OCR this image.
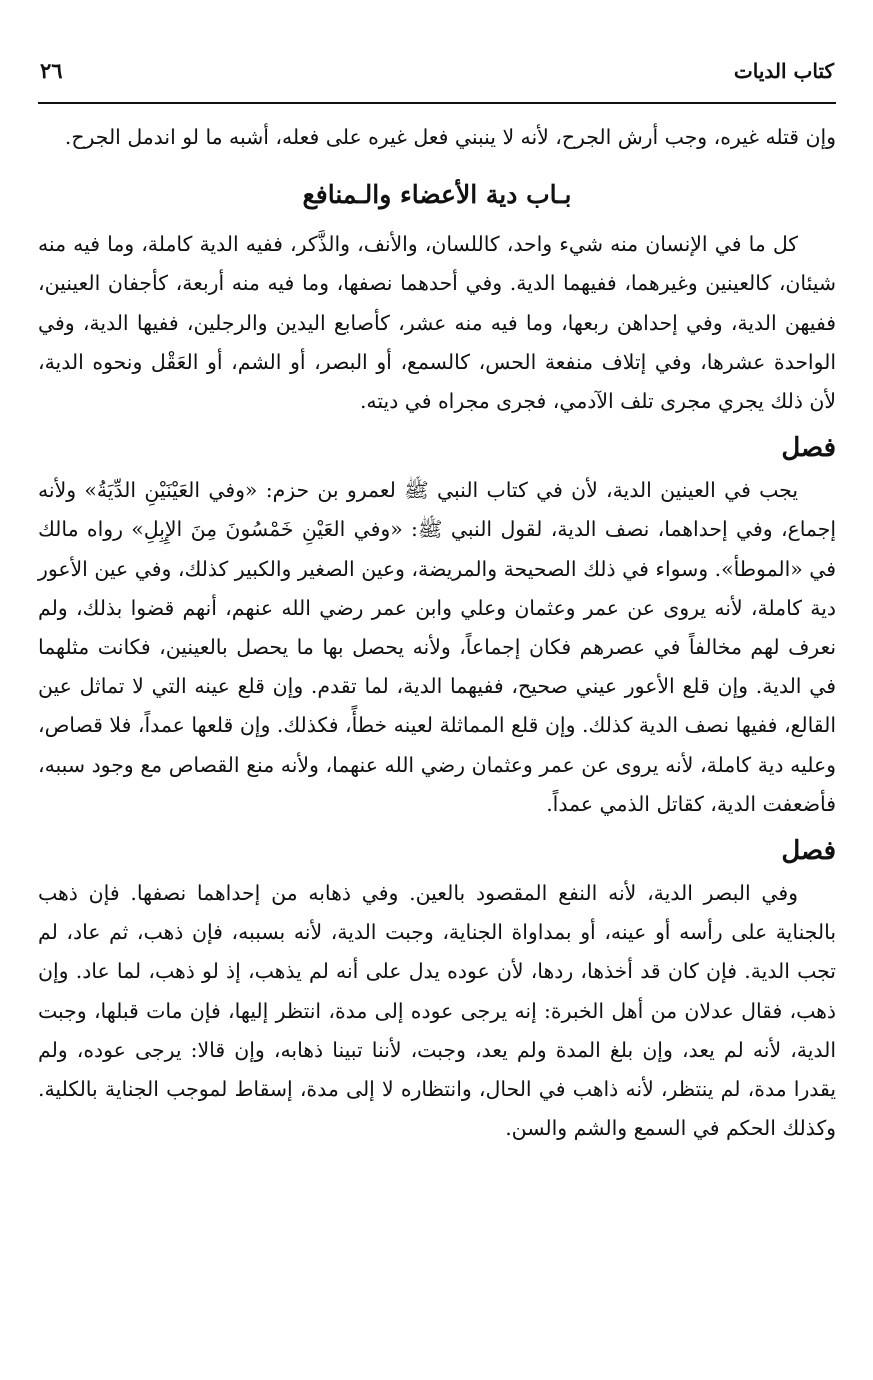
كتاب الديات
٢٦

وإن قتله غيره، وجب أرش الجرح، لأنه لا ينبني فعل غيره على فعله، أشبه ما لو اندمل الجرح.

بـاب دية الأعضاء والـمنافع

كل ما في الإنسان منه شيء واحد، كاللسان، والأنف، والذَّكر، ففيه الدية كاملة، وما فيه منه شيئان، كالعينين وغيرهما، ففيهما الدية. وفي أحدهما نصفها، وما فيه منه أربعة، كأجفان العينين، ففيهن الدية، وفي إحداهن ربعها، وما فيه منه عشر، كأصابع اليدين والرجلين، ففيها الدية، وفي الواحدة عشرها، وفي إتلاف منفعة الحس، كالسمع، أو البصر، أو الشم، أو العَقْل ونحوه الدية، لأن ذلك يجري مجرى تلف الآدمي، فجرى مجراه في ديته.

فصل

يجب في العينين الدية، لأن في كتاب النبي ﷺ لعمرو بن حزم: «وفي العَيْنَيْنِ الدِّيَةُ» ولأنه إجماع، وفي إحداهما، نصف الدية، لقول النبي ﷺ: «وفي العَيْنِ خَمْسُونَ مِنَ الإِبِلِ» رواه مالك في «الموطأ». وسواء في ذلك الصحيحة والمريضة، وعين الصغير والكبير كذلك، وفي عين الأعور دية كاملة، لأنه يروى عن عمر وعثمان وعلي وابن عمر رضي الله عنهم، أنهم قضوا بذلك، ولم نعرف لهم مخالفاً في عصرهم فكان إجماعاً، ولأنه يحصل بها ما يحصل بالعينين، فكانت مثلهما في الدية. وإن قلع الأعور عيني صحيح، ففيهما الدية، لما تقدم. وإن قلع عينه التي لا تماثل عين القالع، ففيها نصف الدية كذلك. وإن قلع المماثلة لعينه خطأً، فكذلك. وإن قلعها عمداً، فلا قصاص، وعليه دية كاملة، لأنه يروى عن عمر وعثمان رضي الله عنهما، ولأنه منع القصاص مع وجود سببه، فأضعفت الدية، كقاتل الذمي عمداً.

فصل

وفي البصر الدية، لأنه النفع المقصود بالعين. وفي ذهابه من إحداهما نصفها. فإن ذهب بالجناية على رأسه أو عينه، أو بمداواة الجناية، وجبت الدية، لأنه بسببه، فإن ذهب، ثم عاد، لم تجب الدية. فإن كان قد أخذها، ردها، لأن عوده يدل على أنه لم يذهب، إذ لو ذهب، لما عاد. وإن ذهب، فقال عدلان من أهل الخبرة: إنه يرجى عوده إلى مدة، انتظر إليها، فإن مات قبلها، وجبت الدية، لأنه لم يعد، وإن بلغ المدة ولم يعد، وجبت، لأننا تبينا ذهابه، وإن قالا: يرجى عوده، ولم يقدرا مدة، لم ينتظر، لأنه ذاهب في الحال، وانتظاره لا إلى مدة، إسقاط لموجب الجناية بالكلية. وكذلك الحكم في السمع والشم والسن.
